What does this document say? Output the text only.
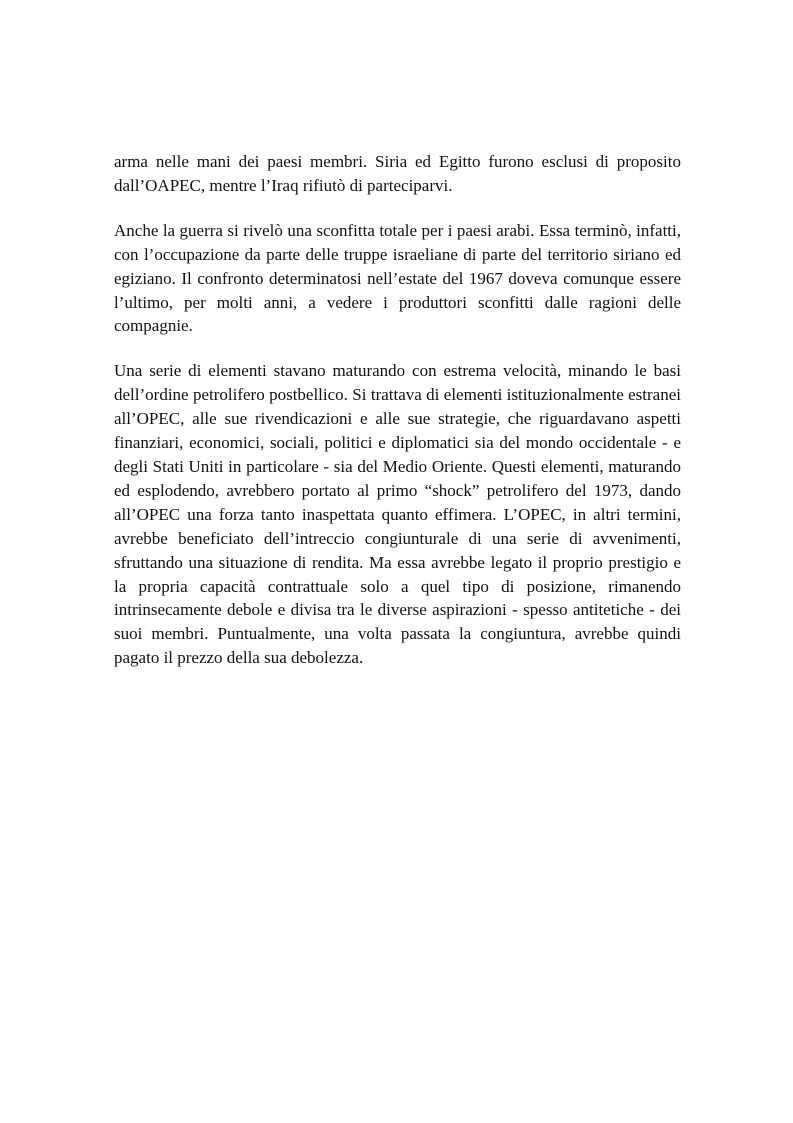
arma nelle mani dei paesi membri. Siria ed Egitto furono esclusi di proposito dall’OAPEC, mentre l’Iraq rifiutò di parteciparvi.

Anche la guerra si rivelò una sconfitta totale per i paesi arabi. Essa terminò, infatti, con l’occupazione da parte delle truppe israeliane di parte del territorio siriano ed egiziano. Il confronto determinatosi nell’estate del 1967 doveva comunque essere l’ultimo, per molti anni, a vedere i produttori sconfitti dalle ragioni delle compagnie.

Una serie di elementi stavano maturando con estrema velocità, minando le basi dell’ordine petrolifero postbellico. Si trattava di elementi istituzionalmente estranei all’OPEC, alle sue rivendicazioni e alle sue strategie, che riguardavano aspetti finanziari, economici, sociali, politici e diplomatici sia del mondo occidentale - e degli Stati Uniti in particolare - sia del Medio Oriente. Questi elementi, maturando ed esplodendo, avrebbero portato al primo “shock” petrolifero del 1973, dando all’OPEC una forza tanto inaspettata quanto effimera. L’OPEC, in altri termini, avrebbe beneficiato dell’intreccio congiunturale di una serie di avvenimenti, sfruttando una situazione di rendita. Ma essa avrebbe legato il proprio prestigio e la propria capacità contrattuale solo a quel tipo di posizione, rimanendo intrinsecamente debole e divisa tra le diverse aspirazioni - spesso antitetiche - dei suoi membri. Puntualmente, una volta passata la congiuntura, avrebbe quindi pagato il prezzo della sua debolezza.
